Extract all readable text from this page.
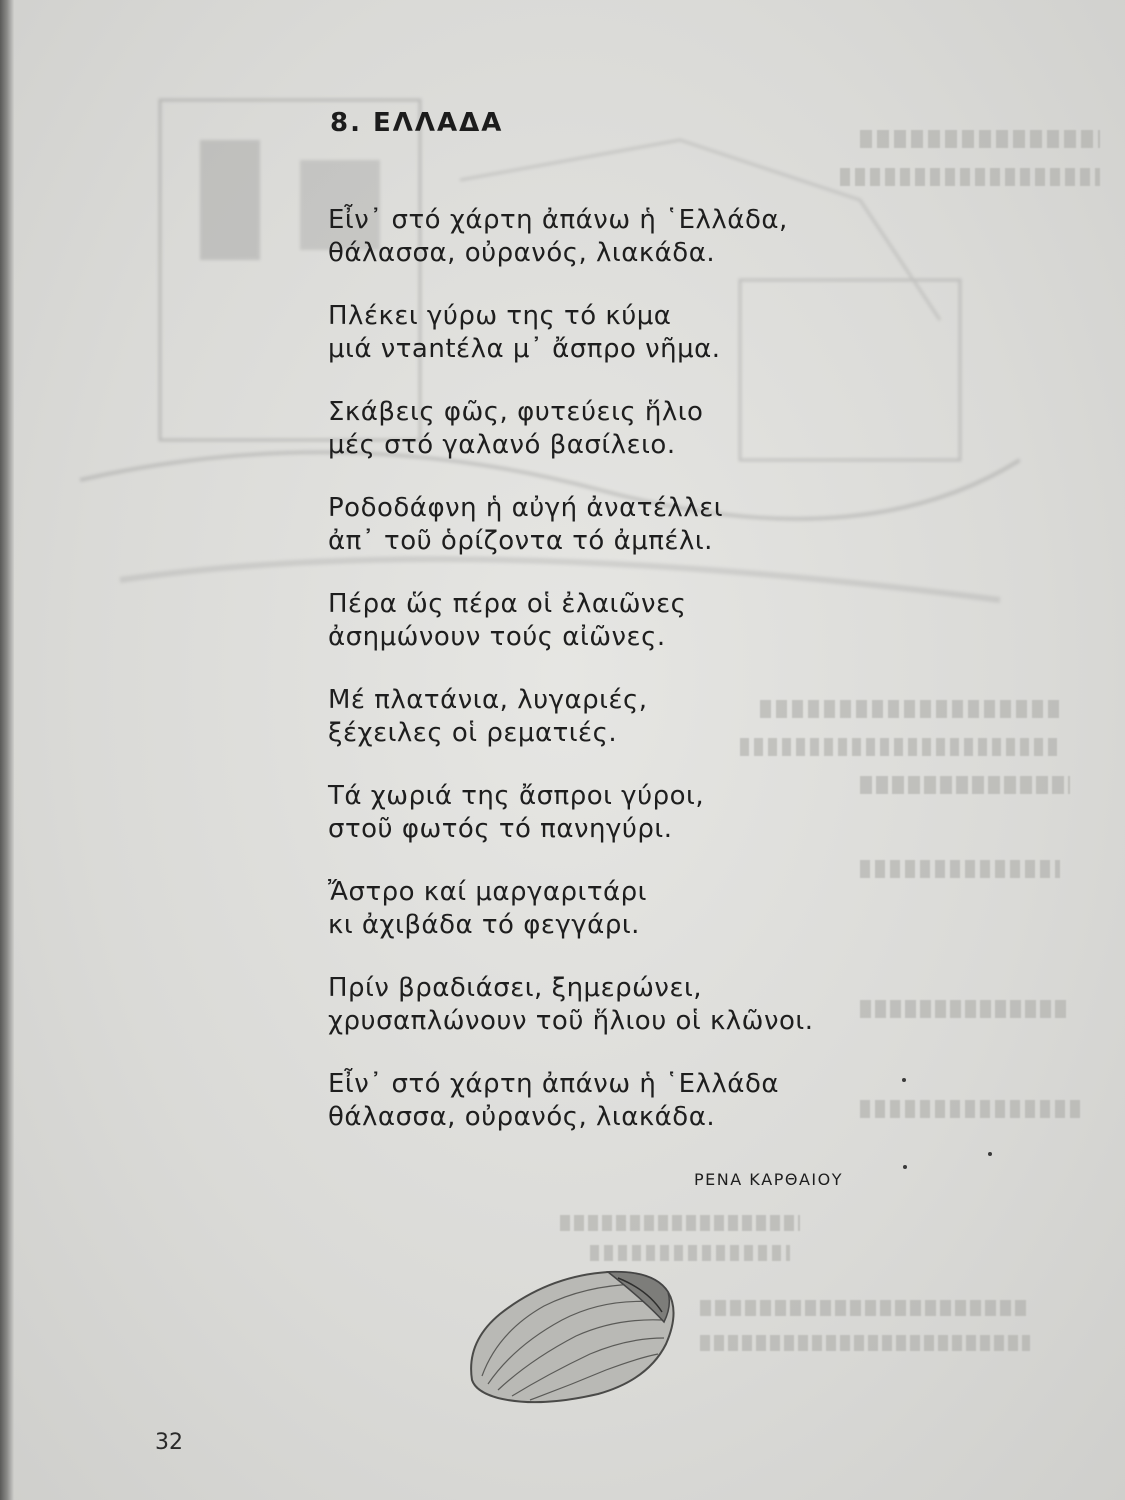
8. ΕΛΛΑΔΑ
Εἶν᾽ στό χάρτη ἀπάνω ἡ ῾Ελλάδα,
θάλασσα, οὐρανός, λιακάδα.
Πλέκει γύρω της τό κύμα
μιά ντantέλα μ᾽ ἄσπρο νῆμα.
Σκάβεις φῶς, φυτεύεις ἥλιο
μές στό γαλανό βασίλειο.
Ροδοδάφνη ἡ αὐγή ἀνατέλλει
ἀπ᾽ τοῦ ὁρίζοντα τό ἀμπέλι.
Πέρα ὥς πέρα οἱ ἐλαιῶνες
ἀσημώνουν τούς αἰῶνες.
Μέ πλατάνια, λυγαριές,
ξέχειλες οἱ ρεματιές.
Τά χωριά της ἄσπροι γύροι,
στοῦ φωτός τό πανηγύρι.
Ἄστρο καί μαργαριτάρι
κι ἀχιβάδα τό φεγγάρι.
Πρίν βραδιάσει, ξημερώνει,
χρυσαπλώνουν τοῦ ἥλιου οἱ κλῶνοι.
Εἶν᾽ στό χάρτη ἀπάνω ἡ ῾Ελλάδα
θάλασσα, οὐρανός, λιακάδα.
ΡΕΝΑ ΚΑΡΘΑΙΟΥ
32
